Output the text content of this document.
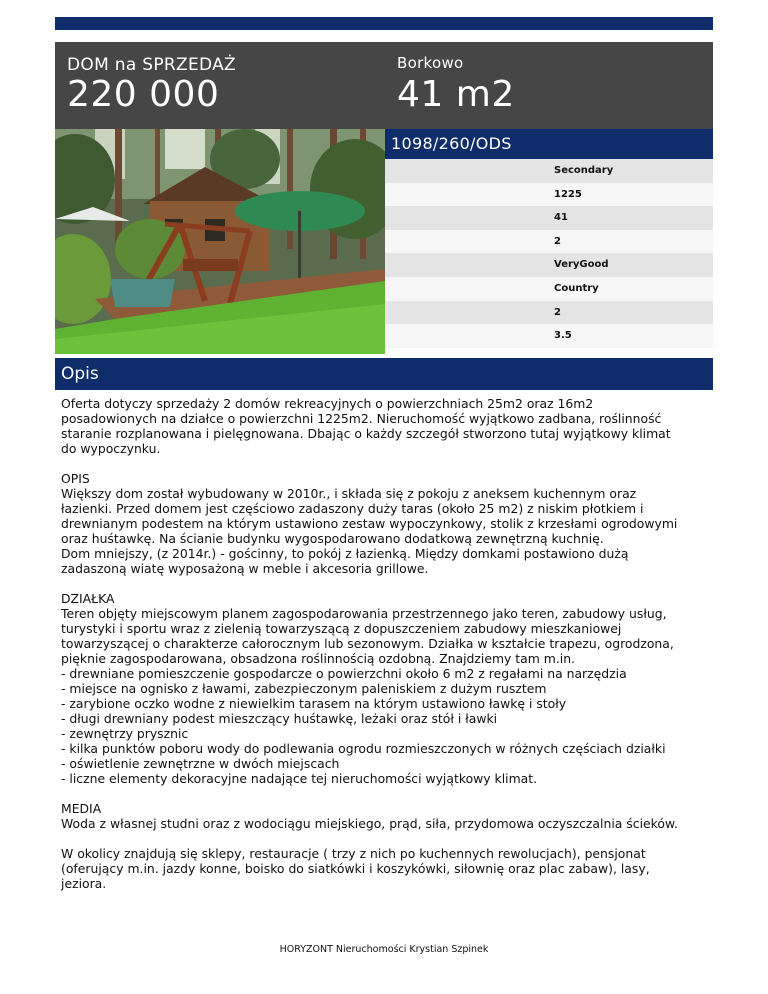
DOM na SPRZEDAŻ
220 000
Borkowo
41 m2
1098/260/ODS
Secondary
1225
41
2
VeryGood
Country
2
3.5
Opis
Oferta dotyczy sprzedaży 2 domów rekreacyjnych o powierzchniach 25m2 oraz 16m2
posadowionych na działce o powierzchni 1225m2. Nieruchomość wyjątkowo zadbana, roślinność
staranie rozplanowana i pielęgnowana. Dbając o każdy szczegół stworzono tutaj wyjątkowy klimat
do wypoczynku.

OPIS
Większy dom został wybudowany w 2010r., i składa się z pokoju z aneksem kuchennym oraz
łazienki. Przed domem jest częściowo zadaszony duży taras (około 25 m2) z niskim płotkiem i
drewnianym podestem na którym ustawiono zestaw wypoczynkowy, stolik z krzesłami ogrodowymi
oraz huśtawkę. Na ścianie budynku wygospodarowano dodatkową zewnętrzną kuchnię.
Dom mniejszy, (z 2014r.) - gościnny, to pokój z łazienką. Między domkami postawiono dużą
zadaszoną wiatę wyposażoną w meble i akcesoria grillowe.

DZIAŁKA
Teren objęty miejscowym planem zagospodarowania przestrzennego jako teren, zabudowy usług,
turystyki i sportu wraz z zielenią towarzyszącą z dopuszczeniem zabudowy mieszkaniowej
towarzyszącej o charakterze całorocznym lub sezonowym. Działka w kształcie trapezu, ogrodzona,
pięknie zagospodarowana, obsadzona roślinnością ozdobną. Znajdziemy tam m.in.
- drewniane pomieszczenie gospodarcze o powierzchni około 6 m2 z regałami na narzędzia
- miejsce na ognisko z ławami, zabezpieczonym paleniskiem z dużym rusztem
- zarybione oczko wodne z niewielkim tarasem na którym ustawiono ławkę i stoły
- długi drewniany podest mieszczący huśtawkę, leżaki oraz stół i ławki
- zewnętrzy prysznic
- kilka punktów poboru wody do podlewania ogrodu rozmieszczonych w różnych częściach działki
- oświetlenie zewnętrzne w dwóch miejscach
- liczne elementy dekoracyjne nadające tej nieruchomości wyjątkowy klimat.

MEDIA
Woda z własnej studni oraz z wodociągu miejskiego, prąd, siła, przydomowa oczyszczalnia ścieków.

W okolicy znajdują się sklepy, restauracje ( trzy z nich po kuchennych rewolucjach), pensjonat
(oferujący m.in. jazdy konne, boisko do siatkówki i koszykówki, siłownię oraz plac zabaw), lasy,
jeziora.
HORYZONT Nieruchomości Krystian Szpinek
